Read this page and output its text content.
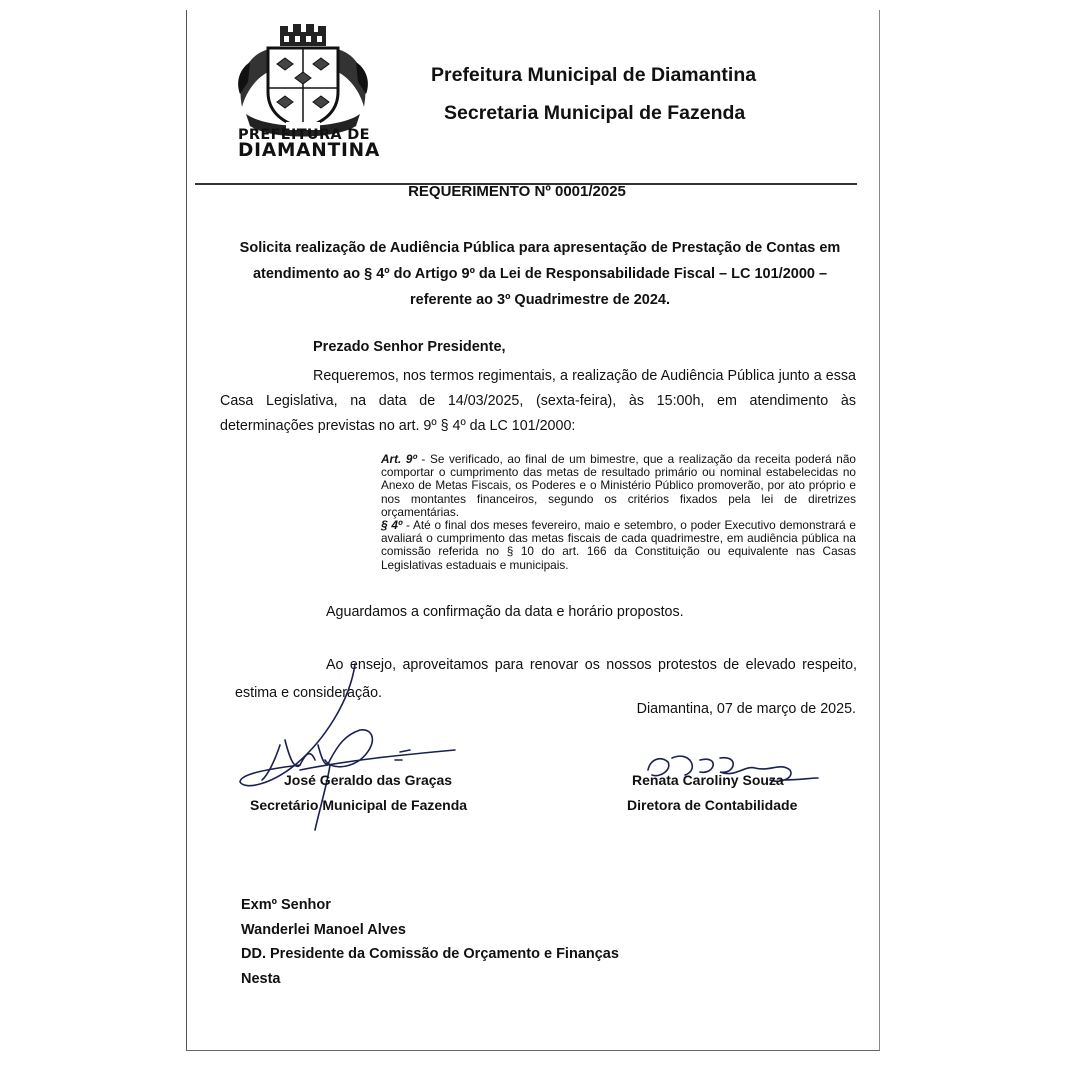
PREFEITURA DE
DIAMANTINA
Prefeitura Municipal de Diamantina
Secretaria Municipal de Fazenda
REQUERIMENTO Nº 0001/2025
Solicita realização de Audiência Pública para apresentação de Prestação de Contas em atendimento ao § 4º do Artigo 9º da Lei de Responsabilidade Fiscal – LC 101/2000 – referente ao 3º Quadrimestre de 2024.
Prezado Senhor Presidente,
Requeremos, nos termos regimentais, a realização de Audiência Pública junto a essa Casa Legislativa, na data de 14/03/2025, (sexta-feira), às 15:00h, em atendimento às determinações previstas no art. 9º § 4º da LC 101/2000:
Art. 9º - Se verificado, ao final de um bimestre, que a realização da receita poderá não comportar o cumprimento das metas de resultado primário ou nominal estabelecidas no Anexo de Metas Fiscais, os Poderes e o Ministério Público promoverão, por ato próprio e nos montantes financeiros, segundo os critérios fixados pela lei de diretrizes orçamentárias.
§ 4º - Até o final dos meses fevereiro, maio e setembro, o poder Executivo demonstrará e avaliará o cumprimento das metas fiscais de cada quadrimestre, em audiência pública na comissão referida no § 10 do art. 166 da Constituição ou equivalente nas Casas Legislativas estaduais e municipais.
Aguardamos a confirmação da data e horário propostos.
Ao ensejo, aproveitamos para renovar os nossos protestos de elevado respeito, estima e consideração.
Diamantina, 07 de março de 2025.
José Geraldo das Graças
Secretário Municipal de Fazenda
Renata Caroliny Souza
Diretora de Contabilidade
Exmº Senhor
Wanderlei Manoel Alves
DD. Presidente da Comissão de Orçamento e Finanças
Nesta
